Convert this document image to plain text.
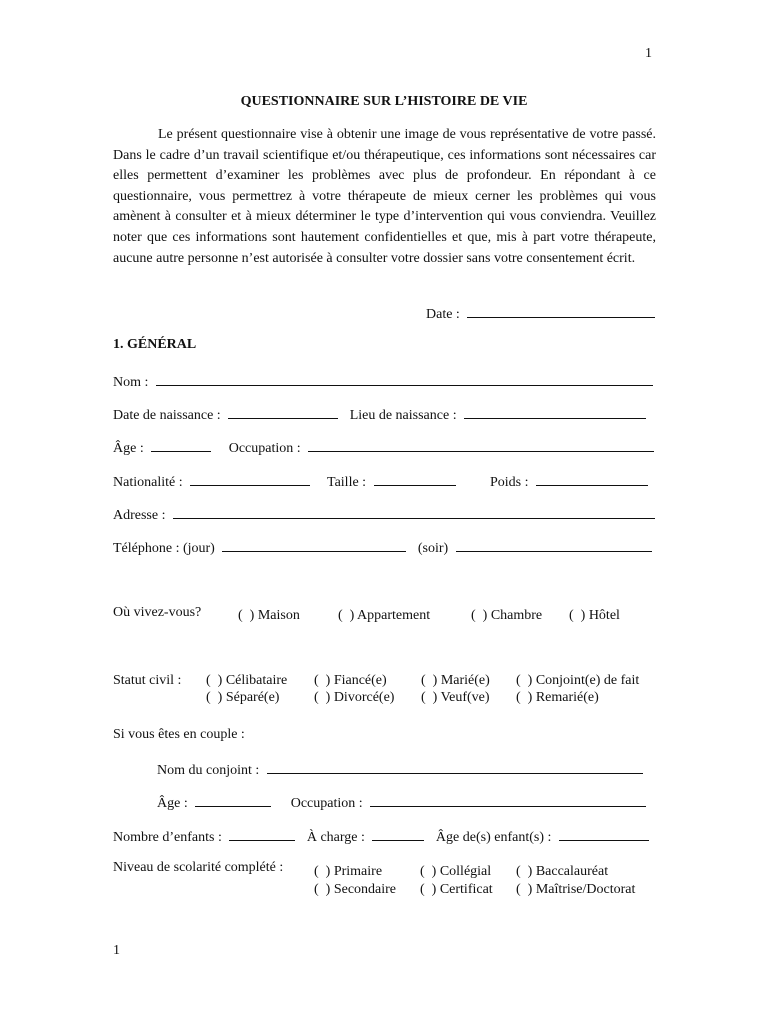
1
QUESTIONNAIRE SUR L’HISTOIRE DE VIE

Le présent questionnaire vise à obtenir une image de vous représentative de votre passé. Dans le cadre d’un travail scientifique et/ou thérapeutique, ces informations sont nécessaires car elles permettent d’examiner les problèmes avec plus de profondeur. En répondant à ce questionnaire, vous permettrez à votre thérapeute de mieux cerner les problèmes qui vous amènent à consulter et à mieux déterminer le type d’intervention qui vous conviendra. Veuillez noter que ces informations sont hautement confidentielles et que, mis à part votre thérapeute, aucune autre personne n’est autorisée à consulter votre dossier sans votre consentement écrit.

Date :
1. GÉNÉRAL
Nom :
Date de naissance :	Lieu de naissance :
Âge :	Occupation :
Nationalité :	Taille :	Poids :
Adresse :
Téléphone : (jour)	(soir)
Où vivez-vous?	(  ) Maison	(  ) Appartement	(  ) Chambre (  ) Hôtel
Statut civil : (  ) Célibataire (  ) Fiancé(e) (  ) Marié(e) (  ) Conjoint(e) de fait
(  ) Séparé(e) (  ) Divorcé(e) (  ) Veuf(ve) (  ) Remarié(e)
Si vous êtes en couple :
Nom du conjoint :
Âge :	Occupation :
Nombre d’enfants :	À charge :	Âge de(s) enfant(s) :
Niveau de scolarité complété : (  ) Primaire	(  ) Collégial (  ) Baccalauréat
(  ) Secondaire (  ) Certificat (  ) Maîtrise/Doctorat
1
